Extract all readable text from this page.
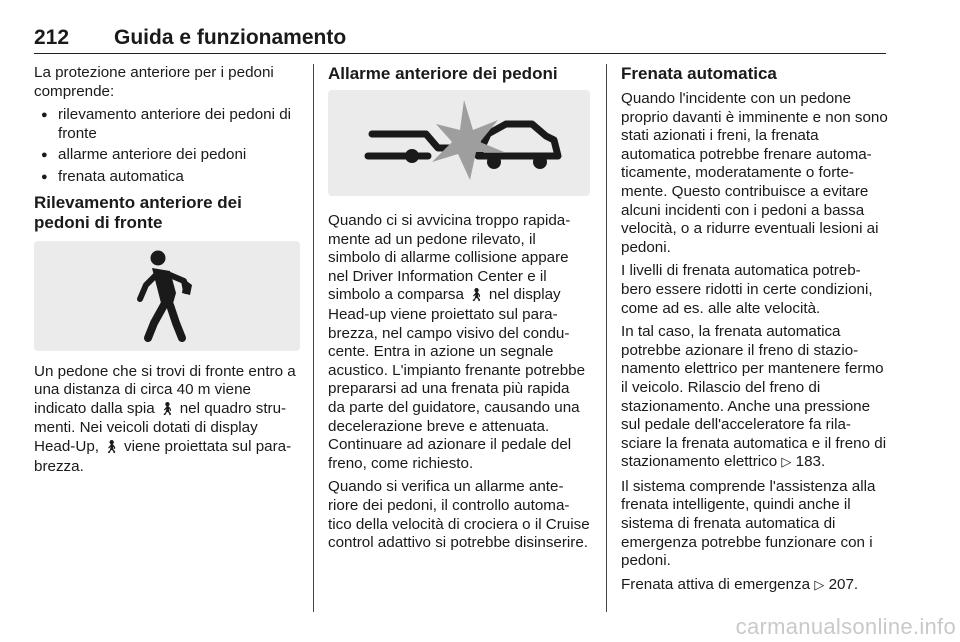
212 Guida e funzionamento

La protezione anteriore per i pedoni comprende:

● rilevamento anteriore dei pedoni di fronte
● allarme anteriore dei pedoni
● frenata automatica
Rilevamento anteriore dei pedoni di fronte

Un pedone che si trovi di fronte entro a una distanza di circa 40 m viene indicato dalla spia 🚶︎ nel quadro stru-menti. Nei veicoli dotati di display Head-Up, 🚶︎ viene proiettata sul para-brezza.

Allarme anteriore dei pedoni

Quando ci si avvicina troppo rapida-mente ad un pedone rilevato, il simbolo di allarme collisione appare nel Driver Information Center e il simbolo a comparsa 🚶︎ nel display Head-up viene proiettato sul para-brezza, nel campo visivo del condu-cente. Entra in azione un segnale acustico. L'impianto frenante potrebbe prepararsi ad una frenata più rapida da parte del guidatore, causando una decelerazione breve e attenuata. Continuare ad azionare il pedale del freno, come richiesto.

Quando si verifica un allarme ante-riore dei pedoni, il controllo automa-tico della velocità di crociera o il Cruise control adattivo si potrebbe disinserire.

Frenata automatica

Quando l'incidente con un pedone proprio davanti è imminente e non sono stati azionati i freni, la frenata automatica potrebbe frenare automa-ticamente, moderatamente o forte-mente. Questo contribuisce a evitare alcuni incidenti con i pedoni a bassa velocità, o a ridurre eventuali lesioni ai pedoni.

I livelli di frenata automatica potreb-bero essere ridotti in certe condizioni, come ad es. alle alte velocità.

In tal caso, la frenata automatica potrebbe azionare il freno di stazio-namento elettrico per mantenere fermo il veicolo. Rilascio del freno di stazionamento. Anche una pressione sul pedale dell'acceleratore fa rila-sciare la frenata automatica e il freno di stazionamento elettrico ▷ 183.

Il sistema comprende l'assistenza alla frenata intelligente, quindi anche il sistema di frenata automatica di emergenza potrebbe funzionare con i pedoni.

Frenata attiva di emergenza ▷ 207.

carmanualsonline.info
